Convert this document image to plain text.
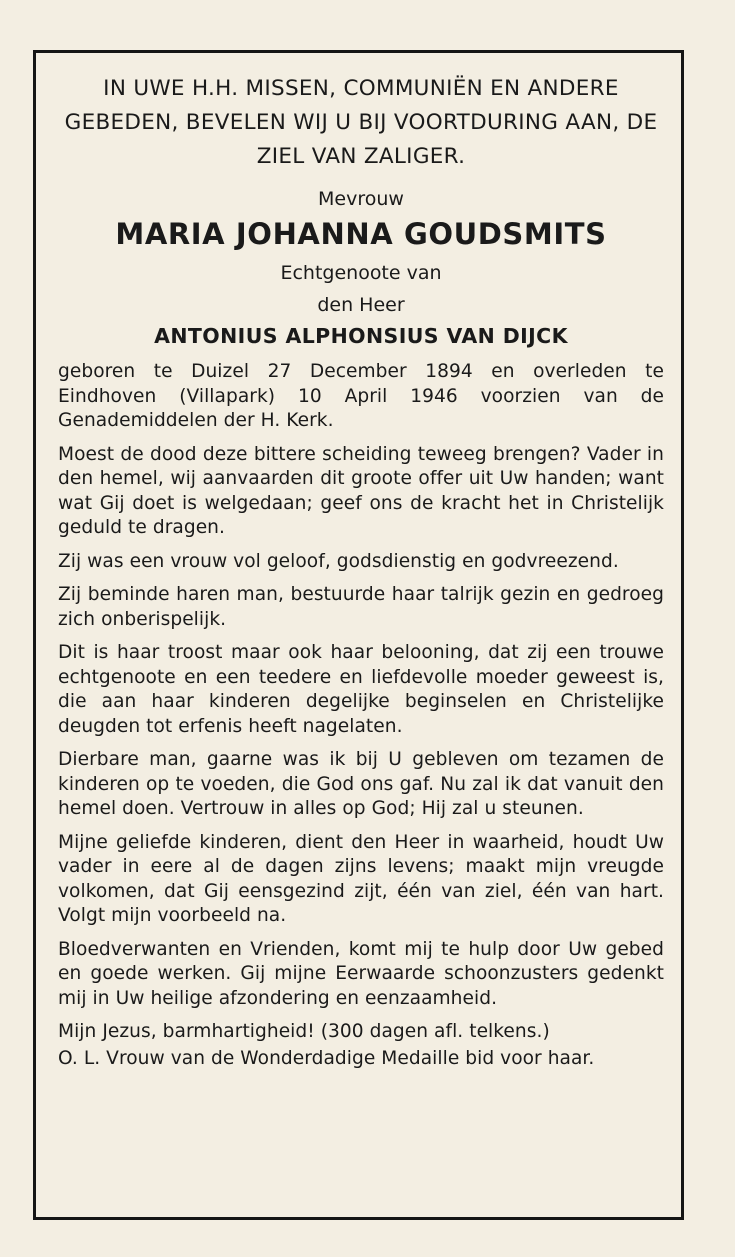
IN UWE H.H. MISSEN, COMMUNIËN EN ANDERE GEBEDEN, BEVELEN WIJ U BIJ VOORTDURING AAN, DE ZIEL VAN ZALIGER.

Mevrouw

MARIA JOHANNA GOUDSMITS

Echtgenoote van

den Heer

ANTONIUS ALPHONSIUS VAN DIJCK

geboren te Duizel 27 December 1894 en overleden te Eindhoven (Villapark) 10 April 1946 voorzien van de Genademiddelen der H. Kerk.

Moest de dood deze bittere scheiding teweeg brengen? Vader in den hemel, wij aanvaarden dit groote offer uit Uw handen; want wat Gij doet is welgedaan; geef ons de kracht het in Christelijk geduld te dragen.

Zij was een vrouw vol geloof, godsdienstig en godvreezend.

Zij beminde haren man, bestuurde haar talrijk gezin en gedroeg zich onberispelijk.

Dit is haar troost maar ook haar belooning, dat zij een trouwe echtgenoote en een teedere en liefdevolle moeder geweest is, die aan haar kinderen degelijke beginselen en Christelijke deugden tot erfenis heeft nagelaten.

Dierbare man, gaarne was ik bij U gebleven om tezamen de kinderen op te voeden, die God ons gaf. Nu zal ik dat vanuit den hemel doen. Vertrouw in alles op God; Hij zal u steunen.

Mijne geliefde kinderen, dient den Heer in waarheid, houdt Uw vader in eere al de dagen zijns levens; maakt mijn vreugde volkomen, dat Gij eensgezind zijt, één van ziel, één van hart. Volgt mijn voorbeeld na.

Bloedverwanten en Vrienden, komt mij te hulp door Uw gebed en goede werken. Gij mijne Eerwaarde schoonzusters gedenkt mij in Uw heilige afzondering en eenzaamheid.

Mijn Jezus, barmhartigheid! (300 dagen afl. telkens.)

O. L. Vrouw van de Wonderdadige Medaille bid voor haar.
